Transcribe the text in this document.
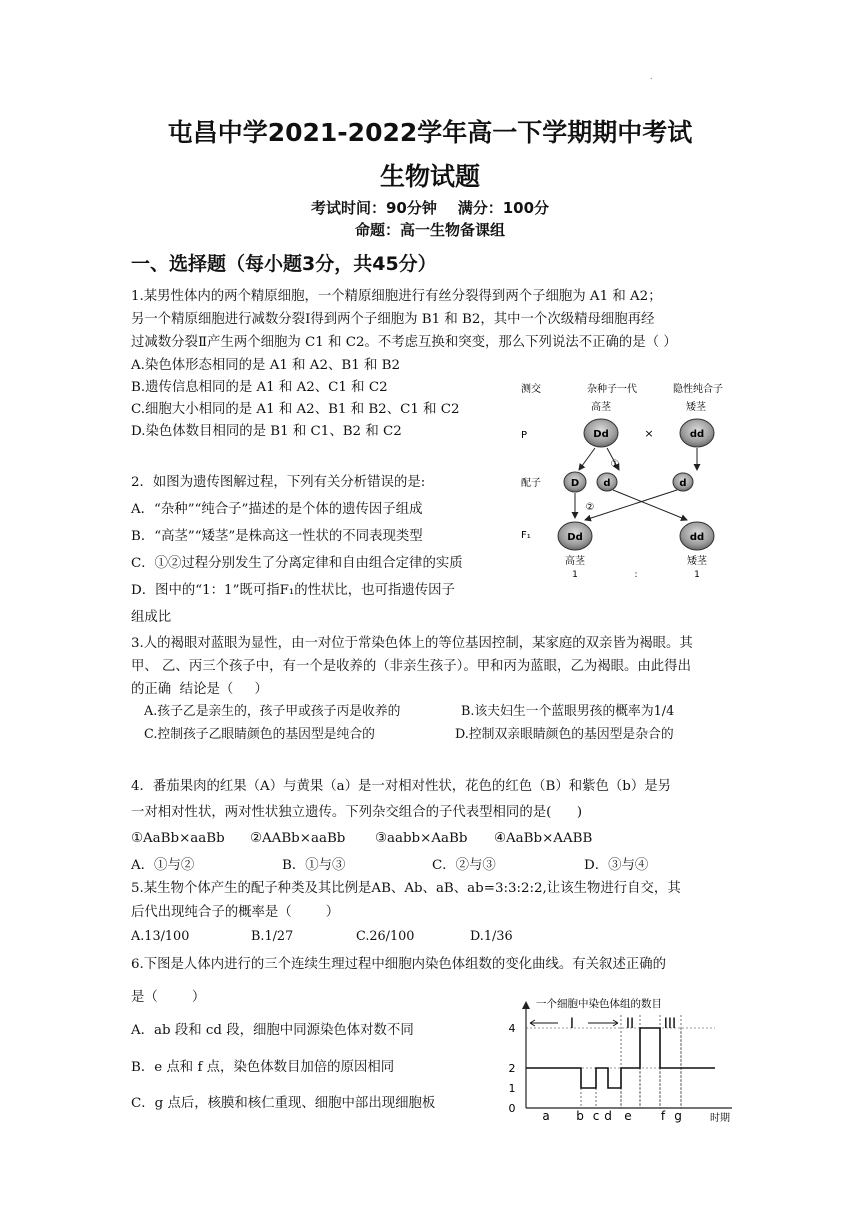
.
屯昌中学2021-2022学年高一下学期期中考试
生物试题
考试时间：90分钟    满分：100分
命题：高一生物备课组
一、选择题（每小题3分，共45分）
1.某男性体内的两个精原细胞，一个精原细胞进行有丝分裂得到两个子细胞为 A1 和 A2；
另一个精原细胞进行减数分裂Ⅰ得到两个子细胞为 B1 和 B2，其中一个次级精母细胞再经
过减数分裂Ⅱ产生两个细胞为 C1 和 C2。不考虑互换和突变，那么下列说法不正确的是（ ）
A.染色体形态相同的是 A1 和 A2、B1 和 B2
B.遗传信息相同的是 A1 和 A2、C1 和 C2
C.细胞大小相同的是 A1 和 A2、B1 和 B2、C1 和 C2
D.染色体数目相同的是 B1 和 C1、B2 和 C2
2．如图为遗传图解过程，下列有关分析错误的是:
A．“杂种”“纯合子”描述的是个体的遗传因子组成
B．“高茎”“矮茎”是株高这一性状的不同表现类型
C．①②过程分别发生了分离定律和自由组合定律的实质
D．图中的“1：1”既可指F₁的性状比，也可指遗传因子
组成比
测交	杂种子一代	隐性纯合子
高茎	矮茎
P
配子
F₁
Dd	×	dd
①
D d	d
②
Dd	dd
高茎	矮茎
1	:	1
3.人的褐眼对蓝眼为显性，由一对位于常染色体上的等位基因控制，某家庭的双亲皆为褐眼。其
甲、 乙、丙三个孩子中，有一个是收养的（非亲生孩子）。甲和丙为蓝眼，乙为褐眼。由此得出
的正确  结论是（     ）
A.孩子乙是亲生的，孩子甲或孩子丙是收养的	B.该夫妇生一个蓝眼男孩的概率为1/4
C.控制孩子乙眼睛颜色的基因型是纯合的	D.控制双亲眼睛颜色的基因型是杂合的
4．番茄果肉的红果（A）与黄果（a）是一对相对性状，花色的红色（B）和紫色（b）是另
一对相对性状，两对性状独立遗传。下列杂交组合的子代表型相同的是(      )
①AaBb×aaBb ②AABb×aaBb ③aabb×AaBb ④AaBb×AABB
A．①与②	B．①与③	C．②与③	D．③与④
5.某生物个体产生的配子种类及其比例是AB、Ab、aB、ab=3:3:2:2,让该生物进行自交，其
后代出现纯合子的概率是（        ）
A.13/100	B.1/27	C.26/100	D.1/36
6.下图是人体内进行的三个连续生理过程中细胞内染色体组数的变化曲线。有关叙述正确的
是（        ）
A．ab 段和 cd 段，细胞中同源染色体对数不同
B．e 点和 f 点，染色体数目加倍的原因相同
C．g 点后，核膜和核仁重现、细胞中部出现细胞板
一个细胞中染色体组的数目
时期
0
1
2
4	I	II III
a b c d e f g
